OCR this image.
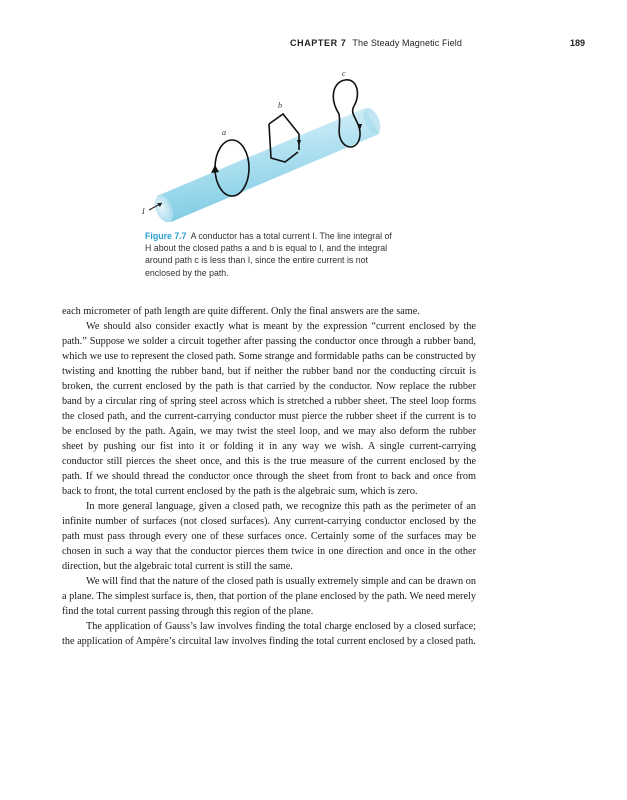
CHAPTER 7 The Steady Magnetic Field	189
a
b
c
I
Figure 7.7 A conductor has a total current I. The line integral of H about the closed paths a and b is equal to I, and the integral around path c is less than I, since the entire current is not enclosed by the path.

each micrometer of path length are quite different. Only the final answers are the same.

We should also consider exactly what is meant by the expression “current enclosed by the path.” Suppose we solder a circuit together after passing the conductor once through a rubber band, which we use to represent the closed path. Some strange and formidable paths can be constructed by twisting and knotting the rubber band, but if neither the rubber band nor the conducting circuit is broken, the current enclosed by the path is that carried by the conductor. Now replace the rubber band by a circular ring of spring steel across which is stretched a rubber sheet. The steel loop forms the closed path, and the current-carrying conductor must pierce the rubber sheet if the current is to be enclosed by the path. Again, we may twist the steel loop, and we may also deform the rubber sheet by pushing our fist into it or folding it in any way we wish. A single current-carrying conductor still pierces the sheet once, and this is the true measure of the current enclosed by the path. If we should thread the conductor once through the sheet from front to back and once from back to front, the total current enclosed by the path is the algebraic sum, which is zero.

In more general language, given a closed path, we recognize this path as the perimeter of an infinite number of surfaces (not closed surfaces). Any current-carrying conductor enclosed by the path must pass through every one of these surfaces once. Certainly some of the surfaces may be chosen in such a way that the conductor pierces them twice in one direction and once in the other direction, but the algebraic total current is still the same.

We will find that the nature of the closed path is usually extremely simple and can be drawn on a plane. The simplest surface is, then, that portion of the plane enclosed by the path. We need merely find the total current passing through this region of the plane.

The application of Gauss’s law involves finding the total charge enclosed by a closed surface; the application of Ampère’s circuital law involves finding the total current enclosed by a closed path.
